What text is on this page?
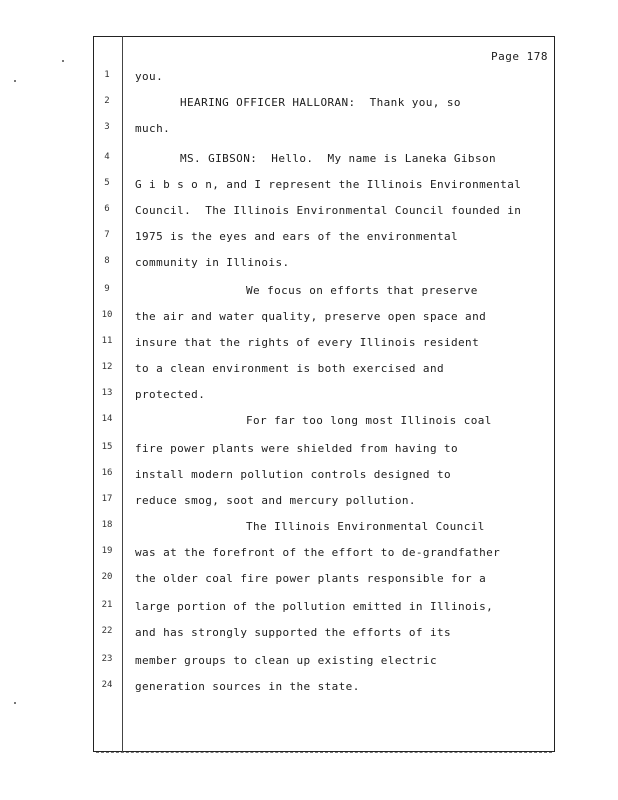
Page 178
1	you.
2	HEARING OFFICER HALLORAN:  Thank you, so
3	much.
4	MS. GIBSON:  Hello.  My name is Laneka Gibson
5	G i b s o n, and I represent the Illinois Environmental
6	Council.  The Illinois Environmental Council founded in
7	1975 is the eyes and ears of the environmental
8	community in Illinois.
9	We focus on efforts that preserve
10 the air and water quality, preserve open space and
11 insure that the rights of every Illinois resident
12 to a clean environment is both exercised and
13 protected.
14	For far too long most Illinois coal
15 fire power plants were shielded from having to
16 install modern pollution controls designed to
17 reduce smog, soot and mercury pollution.
18	The Illinois Environmental Council
19 was at the forefront of the effort to de-grandfather
20 the older coal fire power plants responsible for a
21 large portion of the pollution emitted in Illinois,
22 and has strongly supported the efforts of its
23 member groups to clean up existing electric
24 generation sources in the state.
